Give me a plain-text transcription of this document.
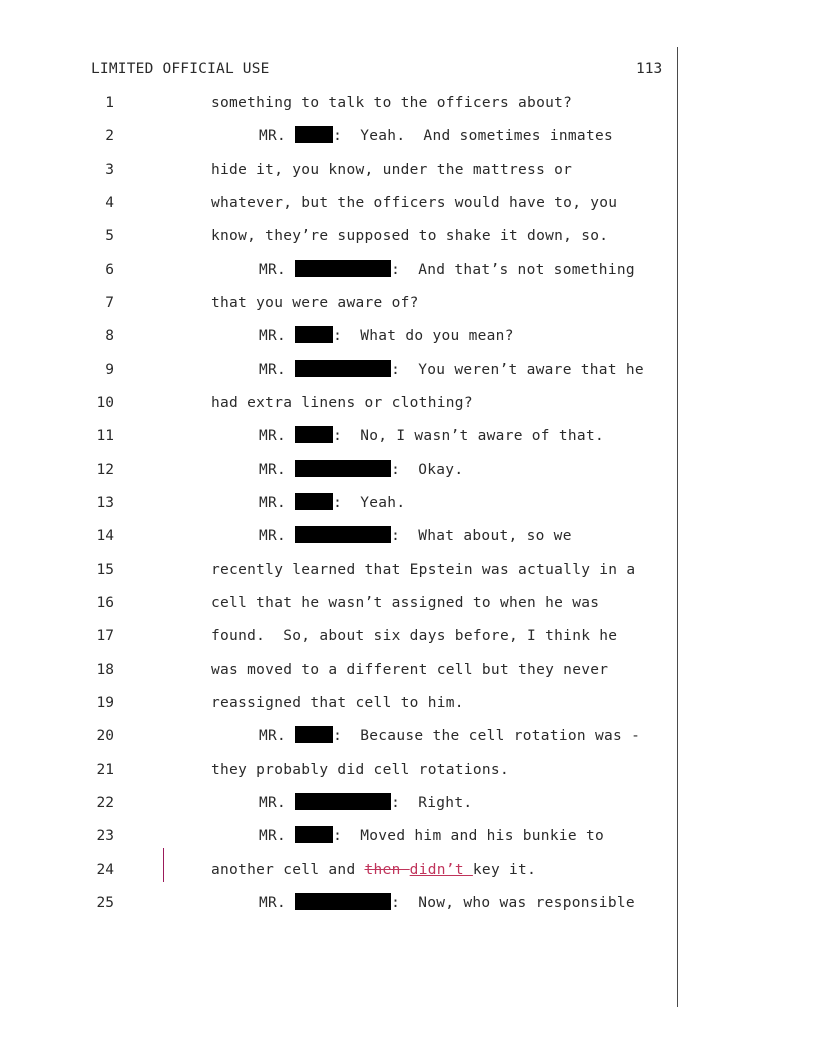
LIMITED OFFICIAL USE	113
1	something to talk to the officers about?
2	MR.	:  Yeah.  And sometimes inmates
3	hide it, you know, under the mattress or
4	whatever, but the officers would have to, you
5	know, they’re supposed to shake it down, so.
6	MR.	:  And that’s not something
7	that you were aware of?
8	MR.	:  What do you mean?
9	MR.	:  You weren’t aware that he
10	had extra linens or clothing?
11	MR.	:  No, I wasn’t aware of that.
12	MR.	:  Okay.
13	MR.	:  Yeah.
14	MR.	:  What about, so we
15	recently learned that Epstein was actually in a
16	cell that he wasn’t assigned to when he was
17	found.  So, about six days before, I think he
18	was moved to a different cell but they never
19	reassigned that cell to him.
20	MR.	:  Because the cell rotation was -
21	they probably did cell rotations.
22	MR.	:  Right.
23	MR.	:  Moved him and his bunkie to
24	another cell and then didn’t key it.
25	MR.	:  Now, who was responsible
